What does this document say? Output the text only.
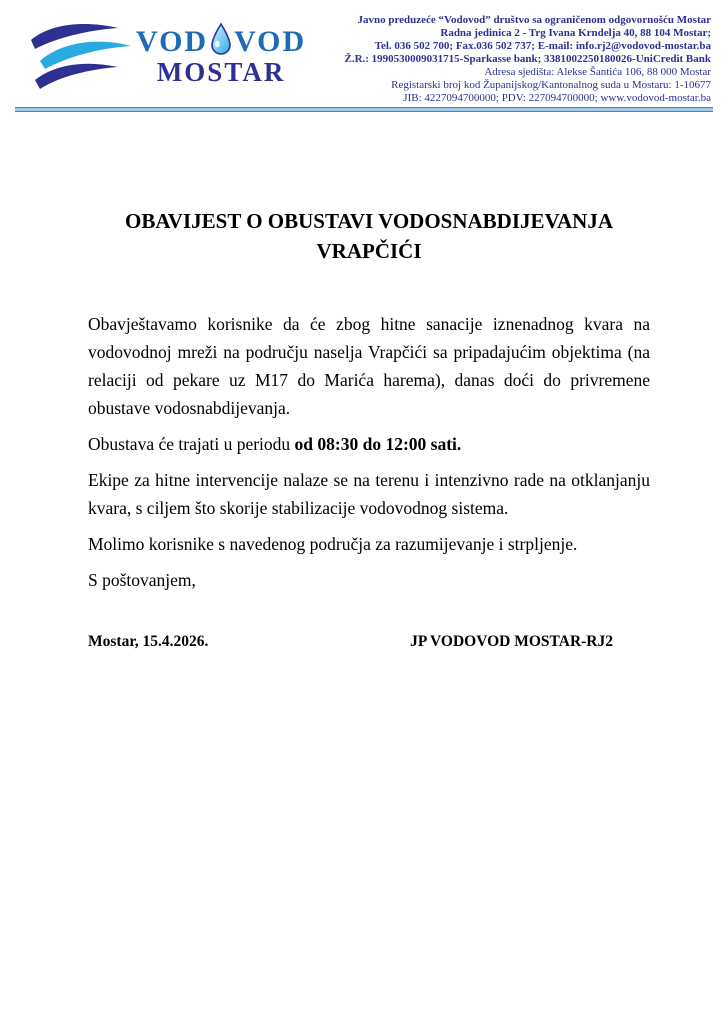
VOD VOD
MOSTAR
Javno preduzeće “Vodovod” društvo sa ograničenom odgovornošću Mostar
Radna jedinica 2 - Trg Ivana Krndelja 40, 88 104 Mostar;
Tel. 036 502 700; Fax.036 502 737; E-mail: info.rj2@vodovod-mostar.ba
Ž.R.: 1990530009031715-Sparkasse bank; 3381002250180026-UniCredit Bank
Adresa sjedišta: Alekse Šantića 106, 88 000 Mostar
Registarski broj kod Županijskog/Kantonalnog suda u Mostaru: 1-10677
JIB: 4227094700000; PDV: 227094700000; www.vodovod-mostar.ba
OBAVIJEST O OBUSTAVI VODOSNABDIJEVANJA
VRAPČIĆI

Obavještavamo korisnike da će zbog hitne sanacije iznenadnog kvara na vodovodnoj mreži na području naselja Vrapčići sa pripadajućim objektima (na relaciji od pekare uz M17 do Marića harema), danas doći do privremene obustave vodosnabdijevanja.

Obustava će trajati u periodu od 08:30 do 12:00 sati.

Ekipe za hitne intervencije nalaze se na terenu i intenzivno rade na otklanjanju kvara, s ciljem što skorije stabilizacije vodovodnog sistema.

Molimo korisnike s navedenog područja za razumijevanje i strpljenje.

S poštovanjem,

Mostar, 15.4.2026.	JP VODOVOD MOSTAR-RJ2
